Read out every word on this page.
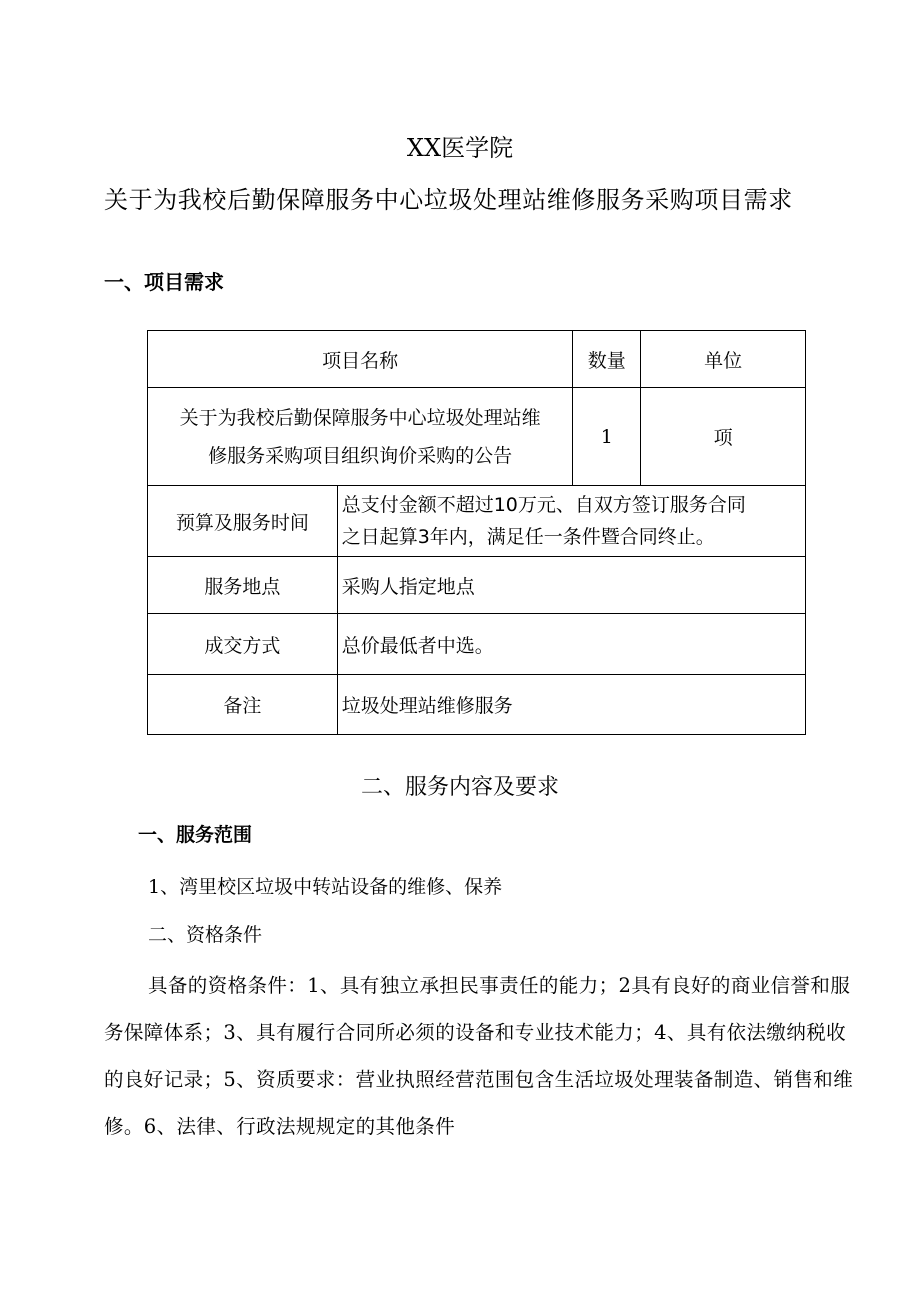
XX医学院
关于为我校后勤保障服务中心垃圾处理站维修服务采购项目需求
一、项目需求
项目名称		数量	单位

关于为我校后勤保障服务中心垃圾处理站维
修服务采购项目组织询价采购的公告		1	项
预算及服务时间	总支付金额不超过10万元、自双方签订服务合同
之日起算3年内，满足任一条件暨合同终止。		

服务地点	采购人指定地点		
成交方式	总价最低者中选。		
备注	垃圾处理站维修服务		
二、服务内容及要求
一、服务范围
1、湾里校区垃圾中转站设备的维修、保养
二、资格条件
具备的资格条件：1、具有独立承担民事责任的能力；2具有良好的商业信誉和服务保障体系；3、具有履行合同所必须的设备和专业技术能力；4、具有依法缴纳税收的良好记录；5、资质要求：营业执照经营范围包含生活垃圾处理装备制造、销售和维修。6、法律、行政法规规定的其他条件
